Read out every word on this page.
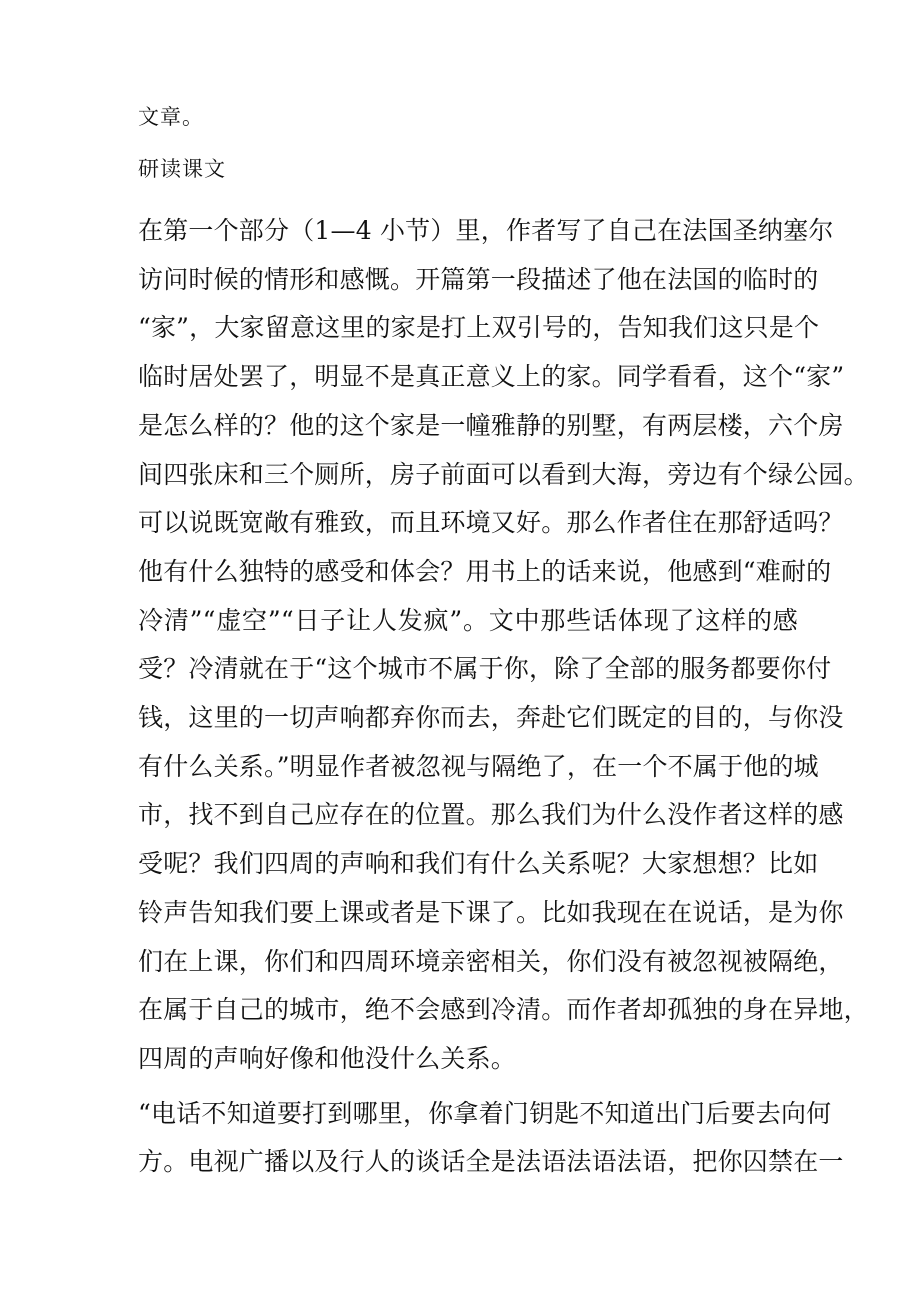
文章。
研读课文

在第一个部分（1—4 小节）里，作者写了自己在法国圣纳塞尔
访问时候的情形和感慨。开篇第一段描述了他在法国的临时的
“家”，大家留意这里的家是打上双引号的，告知我们这只是个
临时居处罢了，明显不是真正意义上的家。同学看看，这个“家”
是怎么样的？他的这个家是一幢雅静的别墅，有两层楼，六个房
间四张床和三个厕所，房子前面可以看到大海，旁边有个绿公园。
可以说既宽敞有雅致，而且环境又好。那么作者住在那舒适吗？
他有什么独特的感受和体会？用书上的话来说，他感到“难耐的
冷清”“虚空”“日子让人发疯”。文中那些话体现了这样的感
受？冷清就在于“这个城市不属于你，除了全部的服务都要你付
钱，这里的一切声响都弃你而去，奔赴它们既定的目的，与你没
有什么关系。”明显作者被忽视与隔绝了，在一个不属于他的城
市，找不到自己应存在的位置。那么我们为什么没作者这样的感
受呢？我们四周的声响和我们有什么关系呢？大家想想？比如
铃声告知我们要上课或者是下课了。比如我现在在说话，是为你
们在上课，你们和四周环境亲密相关，你们没有被忽视被隔绝，
在属于自己的城市，绝不会感到冷清。而作者却孤独的身在异地，
四周的声响好像和他没什么关系。

“电话不知道要打到哪里，你拿着门钥匙不知道出门后要去向何
方。电视广播以及行人的谈话全是法语法语法语，把你囚禁在一
